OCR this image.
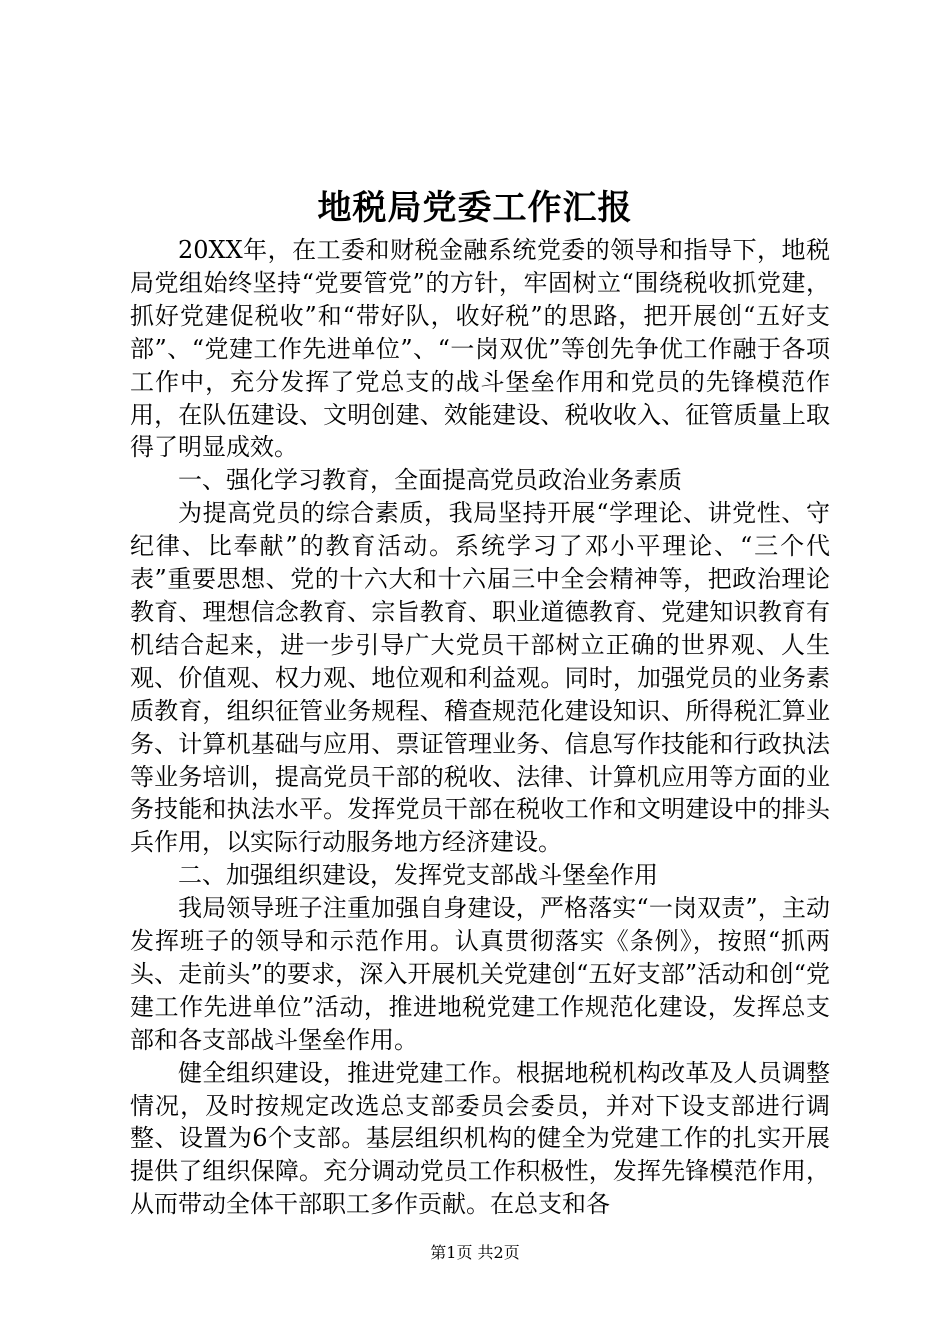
地税局党委工作汇报

20XX年，在工委和财税金融系统党委的领导和指导下，地税局党组始终坚持“党要管党”的方针，牢固树立“围绕税收抓党建，抓好党建促税收”和“带好队，收好税”的思路，把开展创“五好支部”、“党建工作先进单位”、“一岗双优”等创先争优工作融于各项工作中，充分发挥了党总支的战斗堡垒作用和党员的先锋模范作用，在队伍建设、文明创建、效能建设、税收收入、征管质量上取得了明显成效。

一、强化学习教育，全面提高党员政治业务素质

为提高党员的综合素质，我局坚持开展“学理论、讲党性、守纪律、比奉献”的教育活动。系统学习了邓小平理论、“三个代表”重要思想、党的十六大和十六届三中全会精神等，把政治理论教育、理想信念教育、宗旨教育、职业道德教育、党建知识教育有机结合起来，进一步引导广大党员干部树立正确的世界观、人生观、价值观、权力观、地位观和利益观。同时，加强党员的业务素质教育，组织征管业务规程、稽查规范化建设知识、所得税汇算业务、计算机基础与应用、票证管理业务、信息写作技能和行政执法等业务培训，提高党员干部的税收、法律、计算机应用等方面的业务技能和执法水平。发挥党员干部在税收工作和文明建设中的排头兵作用，以实际行动服务地方经济建设。

二、加强组织建设，发挥党支部战斗堡垒作用

我局领导班子注重加强自身建设，严格落实“一岗双责”，主动发挥班子的领导和示范作用。认真贯彻落实《条例》，按照“抓两头、走前头”的要求，深入开展机关党建创“五好支部”活动和创“党建工作先进单位”活动，推进地税党建工作规范化建设，发挥总支部和各支部战斗堡垒作用。

健全组织建设，推进党建工作。根据地税机构改革及人员调整情况，及时按规定改选总支部委员会委员，并对下设支部进行调整、设置为6个支部。基层组织机构的健全为党建工作的扎实开展提供了组织保障。充分调动党员工作积极性，发挥先锋模范作用，从而带动全体干部职工多作贡献。在总支和各

第1页 共2页
